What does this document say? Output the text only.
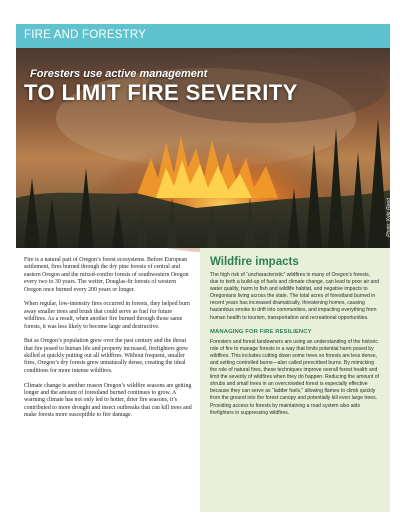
FIRE AND FORESTRY
Foresters use active management
TO LIMIT FIRE SEVERITY
Photo: Kyle Reed

Fire is a natural part of Oregon’s forest ecosystems. Before European settlement, fires burned through the dry pine forests of central and eastern Oregon and the mixed-conifer forests of southwestern Oregon every two to 30 years. The wetter, Douglas-fir forests of western Oregon once burned every 200 years or longer.

When regular, low-intensity fires occurred in forests, they helped burn away smaller trees and brush that could serve as fuel for future wildfires. As a result, when another fire burned through those same forests, it was less likely to become large and destructive.

But as Oregon’s population grew over the past century and the threat that fire posed to human life and property increased, firefighters grew skilled at quickly putting out all wildfires. Without frequent, smaller fires, Oregon’s dry forests grew unnaturally dense, creating the ideal conditions for more intense wildfires.

Climate change is another reason Oregon’s wildfire seasons are getting longer and the amount of forestland burned continues to grow. A warming climate has not only led to hotter, drier fire seasons, it’s contributed to more drought and insect outbreaks that can kill trees and make forests more susceptible to fire damage.

Wildfire impacts

The high risk of “uncharacteristic” wildfires in many of Oregon’s forests, due to both a build-up of fuels and climate change, can lead to poor air and water quality, harm to fish and wildlife habitat, and negative impacts to Oregonians living across the state. The total acres of forestland burned in recent years has increased dramatically, threatening homes, causing hazardous smoke to drift into communities, and impacting everything from human health to tourism, transportation and recreational opportunities.

MANAGING FOR FIRE RESILIENCY

Foresters and forest landowners are using an understanding of the historic role of fire to manage forests in a way that limits potential harm posed by wildfires. This includes cutting down some trees so forests are less dense, and setting controlled burns—also called prescribed burns. By mimicking the role of natural fires, these techniques improve overall forest health and limit the severity of wildfires when they do happen. Reducing the amount of shrubs and small trees in an overcrowded forest is especially effective because they can serve as “ladder fuels,” allowing flames to climb quickly from the ground into the forest canopy and potentially kill even large trees. Providing access to forests by maintaining a road system also aids firefighters in suppressing wildfires.
